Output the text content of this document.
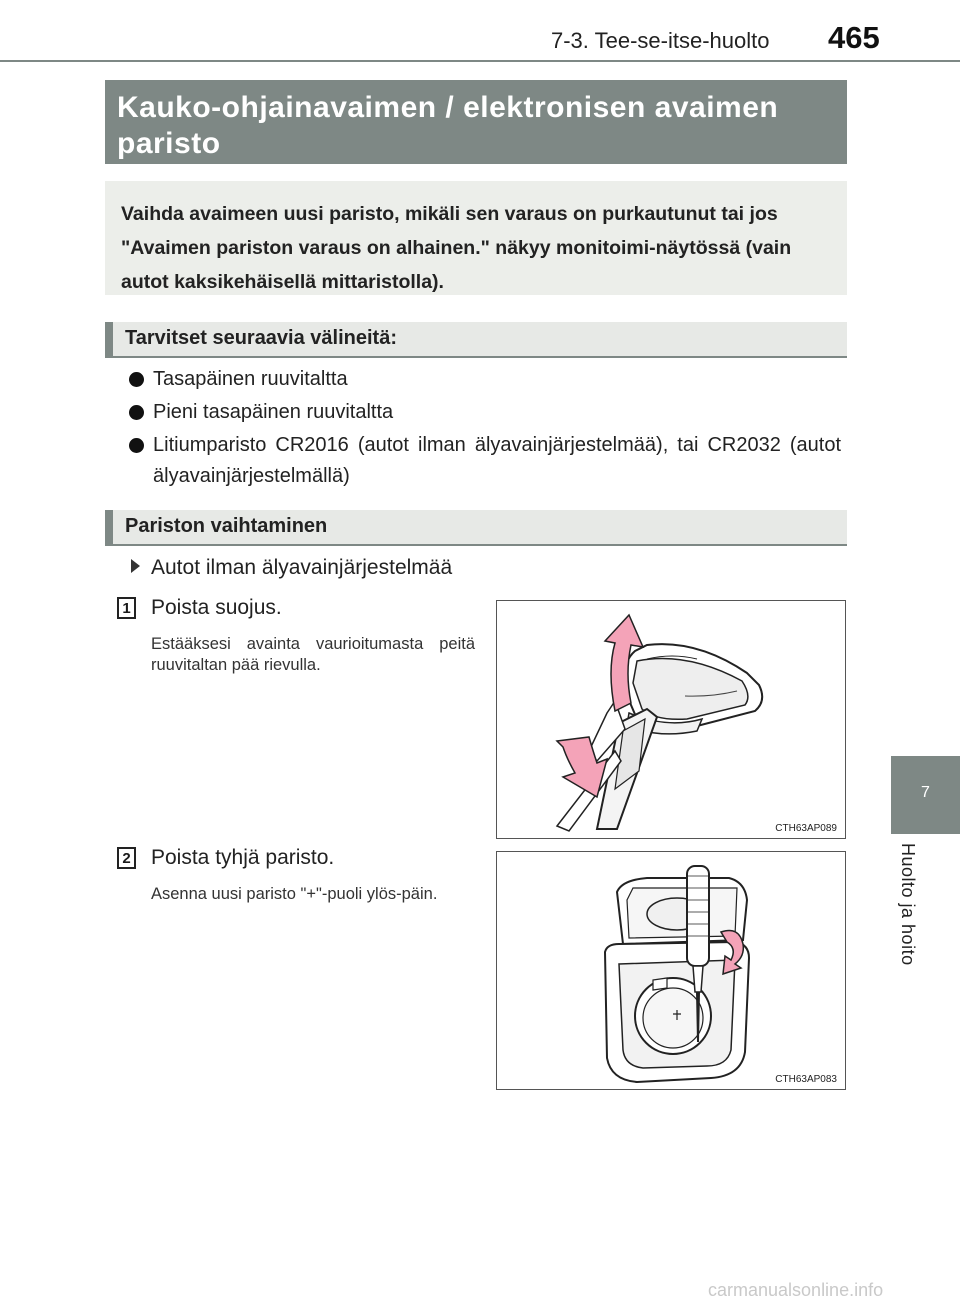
7-3. Tee-se-itse-huolto 465
Kauko-ohjainavaimen / elektronisen avaimen paristo
Vaihda avaimeen uusi paristo, mikäli sen varaus on purkautunut tai jos "Avaimen pariston varaus on alhainen." näkyy monitoimi-näytössä (vain autot kaksikehäisellä mittaristolla).
Tarvitset seuraavia välineitä:
Tasapäinen ruuvitaltta
Pieni tasapäinen ruuvitaltta
Litiumparisto CR2016 (autot ilman älyavainjärjestelmää), tai CR2032 (autot älyavainjärjestelmällä)
Pariston vaihtaminen
Autot ilman älyavainjärjestelmää
1 Poista suojus.
Estääksesi avainta vaurioitumasta peitä ruuvitaltan pää rievulla.
CTH63AP089
2 Poista tyhjä paristo.
Asenna uusi paristo "+"-puoli ylös-päin.
CTH63AP083
7
Huolto ja hoito
carmanualsonline.info
